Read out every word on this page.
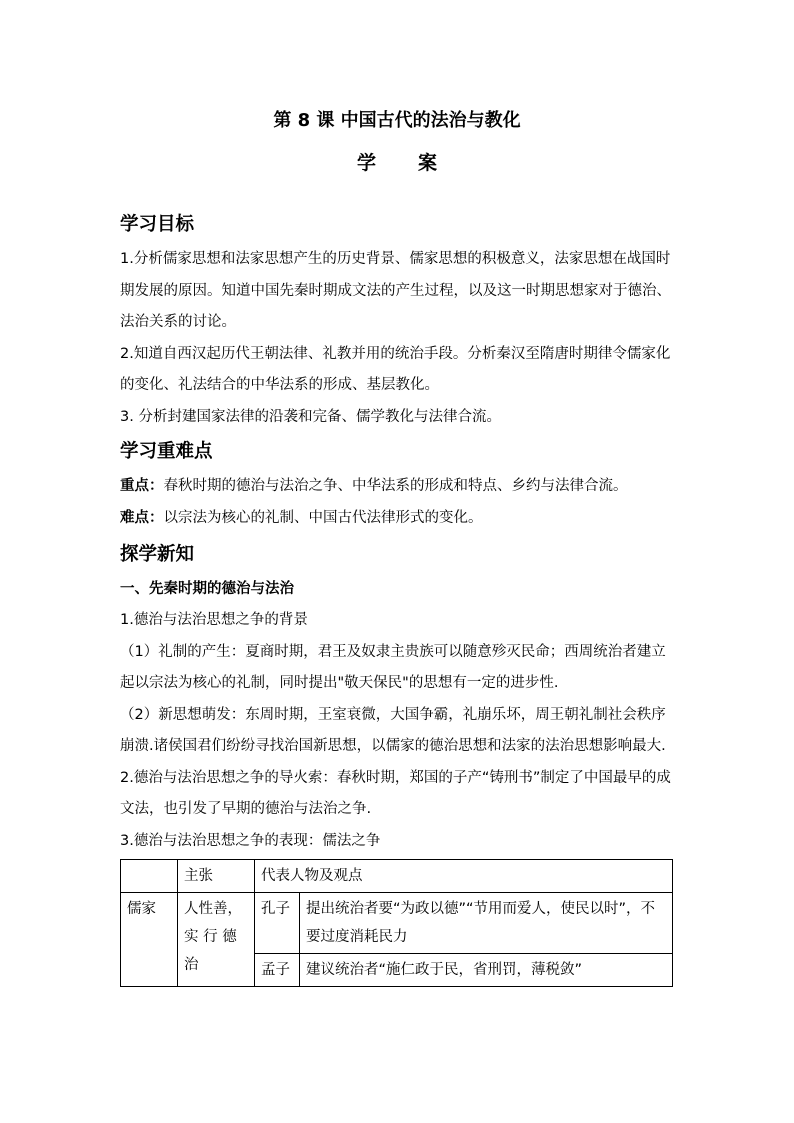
第 8 课 中国古代的法治与教化
学 案
学习目标

1.分析儒家思想和法家思想产生的历史背景、儒家思想的积极意义，法家思想在战国时期发展的原因。知道中国先秦时期成文法的产生过程，以及这一时期思想家对于德治、法治关系的讨论。

2.知道自西汉起历代王朝法律、礼教并用的统治手段。分析秦汉至隋唐时期律令儒家化的变化、礼法结合的中华法系的形成、基层教化。

3. 分析封建国家法律的沿袭和完备、儒学教化与法律合流。

学习重难点

重点：春秋时期的德治与法治之争、中华法系的形成和特点、乡约与法律合流。

难点：以宗法为核心的礼制、中国古代法律形式的变化。

探学新知
一、先秦时期的德治与法治

1.德治与法治思想之争的背景

（1）礼制的产生：夏商时期，君王及奴隶主贵族可以随意殄灭民命；西周统治者建立起以宗法为核心的礼制，同时提出"敬天保民"的思想有一定的进步性.

（2）新思想萌发：东周时期，王室衰微，大国争霸，礼崩乐坏，周王朝礼制社会秩序崩溃.诸侯国君们纷纷寻找治国新思想，以儒家的德治思想和法家的法治思想影响最大.

2.德治与法治思想之争的导火索：春秋时期，郑国的子产“铸刑书”制定了中国最早的成文法，也引发了早期的德治与法治之争.

3.德治与法治思想之争的表现：儒法之争

	主张	代表人物及观点	
儒家	人性善，实 行 德 治	孔子	提出统治者要“为政以德”“节用而爱人，使民以时”，不要过度消耗民力
		孟子	建议统治者“施仁政于民，省刑罚，薄税敛”
